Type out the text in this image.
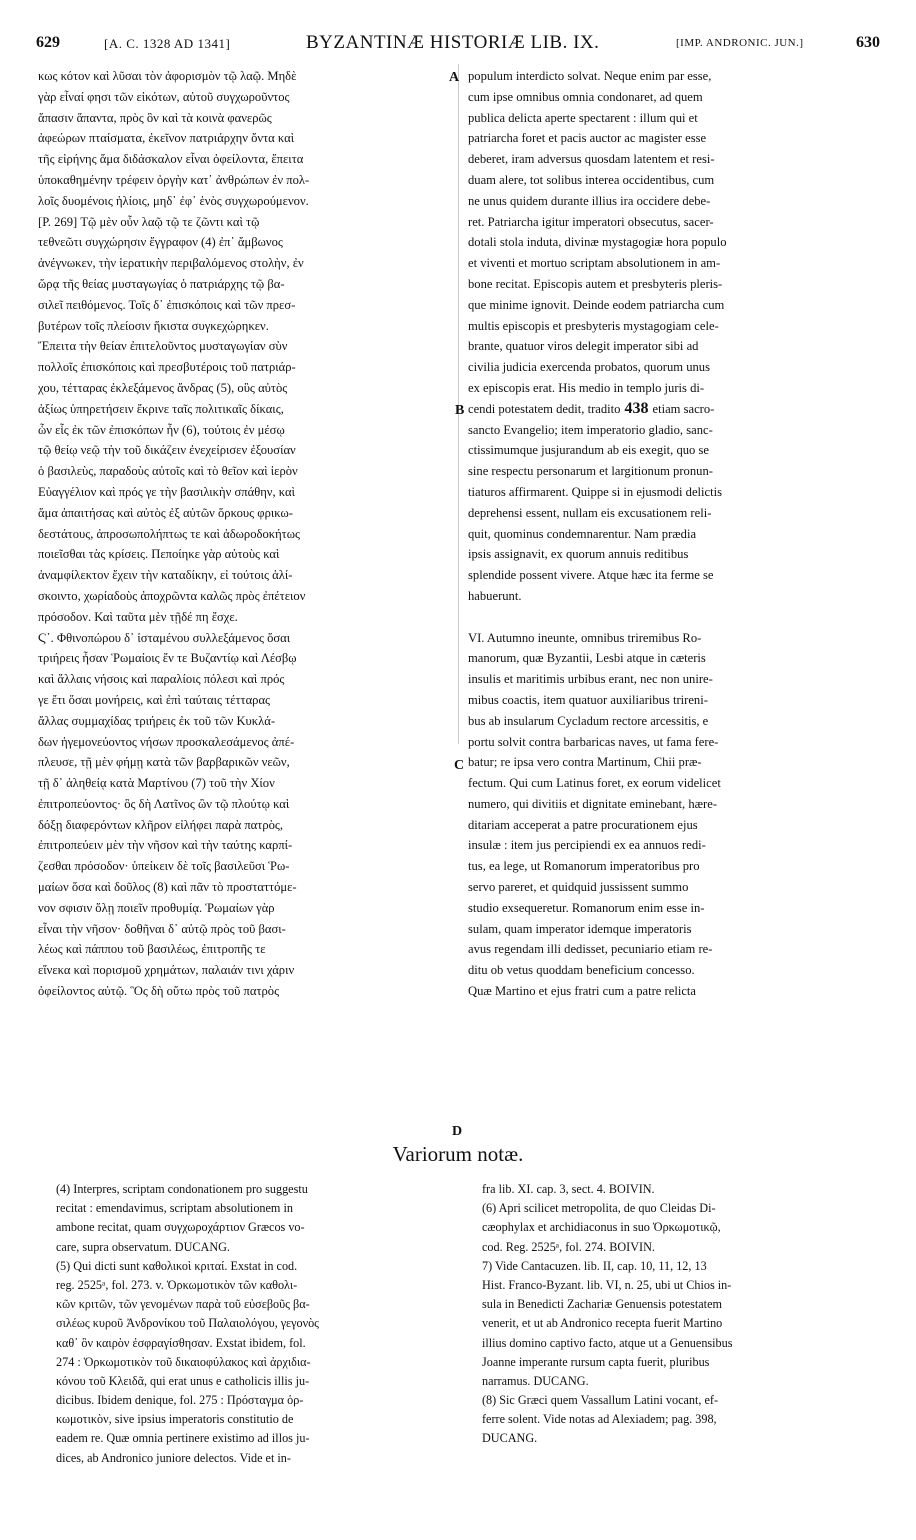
629	[A. C. 1328 AD 1341]	BYZANTINÆ HISTORIÆ LIB. IX.	[IMP. ANDRONIC. JUN.]	630
κως κότον καὶ λῦσαι τὸν ἀφορισμὸν τῷ λαῷ. Μηδὲ
γὰρ εἶναί φησι τῶν εἰκότων, αὐτοῦ συγχωροῦντος
ἅπασιν ἅπαντα, πρὸς ὃν καὶ τὰ κοινὰ φανερῶς
ἀφεώρων πταίσματα, ἐκεῖνον πατριάρχην ὄντα καὶ
τῆς εἰρήνης ἅμα διδάσκαλον εἶναι ὀφείλοντα, ἔπειτα
ὑποκαθημένην τρέφειν ὀργὴν κατ᾽ ἀνθρώπων ἐν πολ-
λοῖς δυομένοις ἡλίοις, μηδ᾽ ἐφ᾽ ἑνὸς συγχωρούμενον.
[P. 269] Τῷ μὲν οὖν λαῷ τῷ τε ζῶντι καὶ τῷ
τεθνεῶτι συγχώρησιν ἔγγραφον (4) ἐπ᾽ ἄμβωνος
ἀνέγνωκεν, τὴν ἱερατικὴν περιβαλόμενος στολὴν, ἐν
ὥρᾳ τῆς θείας μυσταγωγίας ὁ πατριάρχης τῷ βα-
σιλεῖ πειθόμενος. Τοῖς δ᾽ ἐπισκόποις καὶ τῶν πρεσ-
βυτέρων τοῖς πλείοσιν ἥκιστα συγκεχώρηκεν.
Ἔπειτα τὴν θείαν ἐπιτελοῦντος μυσταγωγίαν σὺν
πολλοῖς ἐπισκόποις καὶ πρεσβυτέροις τοῦ πατριάρ-
χου, τέτταρας ἐκλεξάμενος ἄνδρας (5), οὓς αὐτὸς
ἀξίως ὑπηρετήσειν ἔκρινε ταῖς πολιτικαῖς δίκαις,
ὧν εἷς ἐκ τῶν ἐπισκόπων ἦν (6), τούτοις ἐν μέσῳ
τῷ θείῳ νεῷ τὴν τοῦ δικάζειν ἐνεχείρισεν ἐξουσίαν
ὁ βασιλεὺς, παραδοὺς αὐτοῖς καὶ τὸ θεῖον καὶ ἱερὸν
Εὐαγγέλιον καὶ πρός γε τὴν βασιλικὴν σπάθην, καὶ
ἅμα ἀπαιτήσας καὶ αὐτὸς ἐξ αὐτῶν ὅρκους φρικω-
δεστάτους, ἀπροσωπολήπτως τε καὶ ἀδωροδοκήτως
ποιεῖσθαι τὰς κρίσεις. Πεποίηκε γὰρ αὐτοὺς καὶ
ἀναμφίλεκτον ἔχειν τὴν καταδίκην, εἰ τούτοις ἁλί-
σκοιντο, χωρίαδοὺς ἀποχρῶντα καλῶς πρὸς ἐπέτειον
πρόσοδον. Καὶ ταῦτα μὲν τῇδέ πη ἔσχε.
Ϛ᾽. Φθινοπώρου δ᾽ ἱσταμένου συλλεξάμενος ὅσαι
τριήρεις ἦσαν Ῥωμαίοις ἔν τε Βυζαντίῳ καὶ Λέσβῳ
καὶ ἄλλαις νήσοις καὶ παραλίοις πόλεσι καὶ πρός
γε ἔτι ὅσαι μονήρεις, καὶ ἐπὶ ταύταις τέτταρας
ἄλλας συμμαχίδας τριήρεις ἐκ τοῦ τῶν Κυκλά-
δων ἡγεμονεύοντος νήσων προσκαλεσάμενος ἀπέ-
πλευσε, τῇ μὲν φήμῃ κατὰ τῶν βαρβαρικῶν νεῶν,
τῇ δ᾽ ἀληθείᾳ κατὰ Μαρτίνου (7) τοῦ τὴν Χίον
ἐπιτροπεύοντος· ὃς δὴ Λατῖνος ὢν τῷ πλούτῳ καὶ
δόξῃ διαφερόντων κλῆρον εἰλήφει παρὰ πατρὸς,
ἐπιτροπεύειν μὲν τὴν νῆσον καὶ τὴν ταύτης καρπί-
ζεσθαι πρόσοδον· ὑπείκειν δὲ τοῖς βασιλεῦσι Ῥω-
μαίων ὅσα καὶ δοῦλος (8) καὶ πᾶν τὸ προσταττόμε-
νον σφισιν ὅλῃ ποιεῖν προθυμίᾳ. Ῥωμαίων γὰρ
εἶναι τὴν νῆσον· δοθῆναι δ᾽ αὐτῷ πρὸς τοῦ βασι-
λέως καὶ πάππου τοῦ βασιλέως, ἐπιτροπῆς τε
εἵνεκα καὶ πορισμοῦ χρημάτων, παλαιάν τινι χάριν
ὀφείλοντος αὐτῷ. Ὃς δὴ οὕτω πρὸς τοῦ πατρὸς
populum interdicto solvat. Neque enim par esse,
cum ipse omnibus omnia condonaret, ad quem
publica delicta aperte spectarent : illum qui et
patriarcha foret et pacis auctor ac magister esse
deberet, iram adversus quosdam latentem et resi-
duam alere, tot solibus interea occidentibus, cum
ne unus quidem durante illius ira occidere debe-
ret. Patriarcha igitur imperatori obsecutus, sacer-
dotali stola induta, divinæ mystagogiæ hora populo
et viventi et mortuo scriptam absolutionem in am-
bone recitat. Episcopis autem et presbyteris pleris-
que minime ignovit. Deinde eodem patriarcha cum
multis episcopis et presbyteris mystagogiam cele-
brante, quatuor viros delegit imperator sibi ad
civilia judicia exercenda probatos, quorum unus
ex episcopis erat. His medio in templo juris di-
cendi potestatem dedit, tradito 438 etiam sacro-
sancto Evangelio; item imperatorio gladio, sanc-
ctissimumque jusjurandum ab eis exegit, quo se
sine respectu personarum et largitionum pronun-
tiaturos affirmarent. Quippe si in ejusmodi delictis
deprehensi essent, nullam eis excusationem reli-
quit, quominus condemnarentur. Nam prædia
ipsis assignavit, ex quorum annuis reditibus
splendide possent vivere. Atque hæc ita ferme se
habuerunt.
VI. Autumno ineunte, omnibus triremibus Ro-
manorum, quæ Byzantii, Lesbi atque in cæteris
insulis et maritimis urbibus erant, nec non unire-
mibus coactis, item quatuor auxiliaribus trireni-
bus ab insularum Cycladum rectore arcessitis, e
portu solvit contra barbaricas naves, ut fama fere-
batur; re ipsa vero contra Martinum, Chii præ-
fectum. Qui cum Latinus foret, ex eorum videlicet
numero, qui divitiis et dignitate eminebant, hære-
ditariam acceperat a patre procurationem ejus
insulæ : item jus percipiendi ex ea annuos redi-
tus, ea lege, ut Romanorum imperatoribus pro
servo pareret, et quidquid jussissent summo
studio exsequeretur. Romanorum enim esse in-
sulam, quam imperator idemque imperatoris
avus regendam illi dedisset, pecuniario etiam re-
ditu ob vetus quoddam beneficium concesso.
Quæ Martino et ejus fratri cum a patre relicta
A
B
C
D
Variorum notæ.
(4) Interpres, scriptam condonationem pro suggestu
recitat : emendavimus, scriptam absolutionem in
ambone recitat, quam συγχωροχάρτιον Græcos vo-
care, supra observatum. DUCANG.
(5) Qui dicti sunt καθολικοὶ κριταί. Exstat in cod.
reg. 2525ᵃ, fol. 273. v. Ὁρκωμοτικὸν τῶν καθολι-
κῶν κριτῶν, τῶν γενομένων παρὰ τοῦ εὐσεβοῦς βα-
σιλέως κυροῦ Ἀνδρονίκου τοῦ Παλαιολόγου, γεγονὸς
καθ᾽ ὃν καιρὸν ἐσφραγίσθησαν. Exstat ibidem, fol.
274 : Ὁρκωμοτικὸν τοῦ δικαιοφύλακος καὶ ἀρχιδια-
κόνου τοῦ Κλειδᾶ, qui erat unus e catholicis illis ju-
dicibus. Ibidem denique, fol. 275 : Πρόσταγμα ὁρ-
κωμοτικὸν, sive ipsius imperatoris constitutio de
eadem re. Quæ omnia pertinere existimo ad illos ju-
dices, ab Andronico juniore delectos. Vide et in-
fra lib. XI. cap. 3, sect. 4. BOIVIN.
(6) Apri scilicet metropolita, de quo Cleidas Di-
cæophylax et archidiaconus in suo Ὁρκωμοτικῷ,
cod. Reg. 2525ᵃ, fol. 274. BOIVIN.
7) Vide Cantacuzen. lib. II, cap. 10, 11, 12, 13
Hist. Franco-Byzant. lib. VI, n. 25, ubi ut Chios in-
sula in Benedicti Zachariæ Genuensis potestatem
venerit, et ut ab Andronico recepta fuerit Martino
illius domino captivo facto, atque ut a Genuensibus
Joanne imperante rursum capta fuerit, pluribus
narramus. DUCANG.
(8) Sic Græci quem Vassallum Latini vocant, ef-
ferre solent. Vide notas ad Alexiadem; pag. 398,
DUCANG.
